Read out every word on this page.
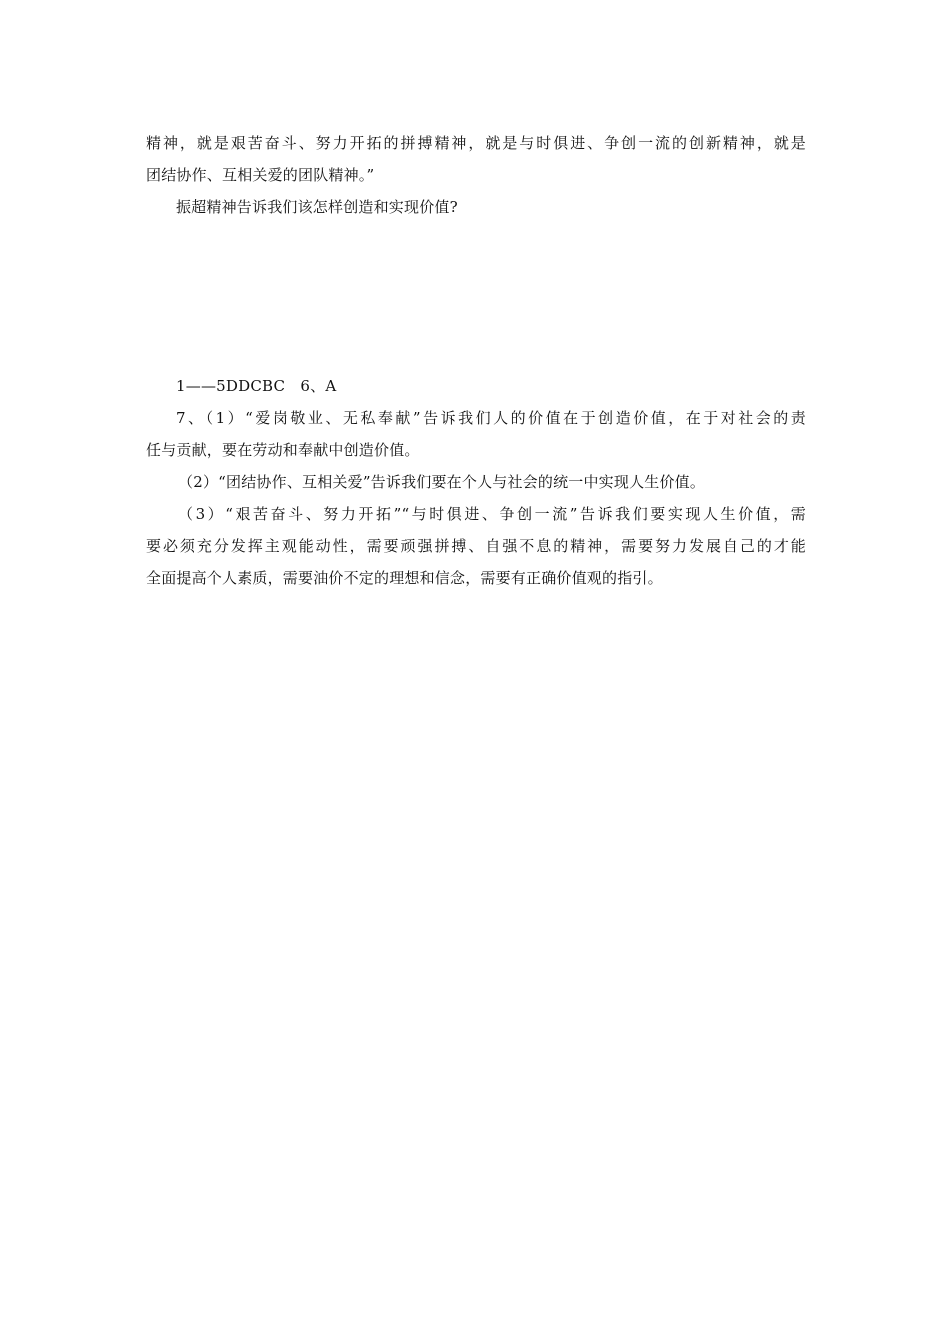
精神，就是艰苦奋斗、努力开拓的拼搏精神，就是与时俱进、争创一流的创新精神，就是
团结协作、互相关爱的团队精神。”
振超精神告诉我们该怎样创造和实现价值?
1——5DDCBC　6、A
7、（1）“爱岗敬业、无私奉献”告诉我们人的价值在于创造价值，在于对社会的责
任与贡献，要在劳动和奉献中创造价值。
（2）“团结协作、互相关爱”告诉我们要在个人与社会的统一中实现人生价值。
（3）“艰苦奋斗、努力开拓”“与时俱进、争创一流”告诉我们要实现人生价值，需
要必须充分发挥主观能动性，需要顽强拼搏、自强不息的精神，需要努力发展自己的才能
全面提高个人素质，需要油价不定的理想和信念，需要有正确价值观的指引。
